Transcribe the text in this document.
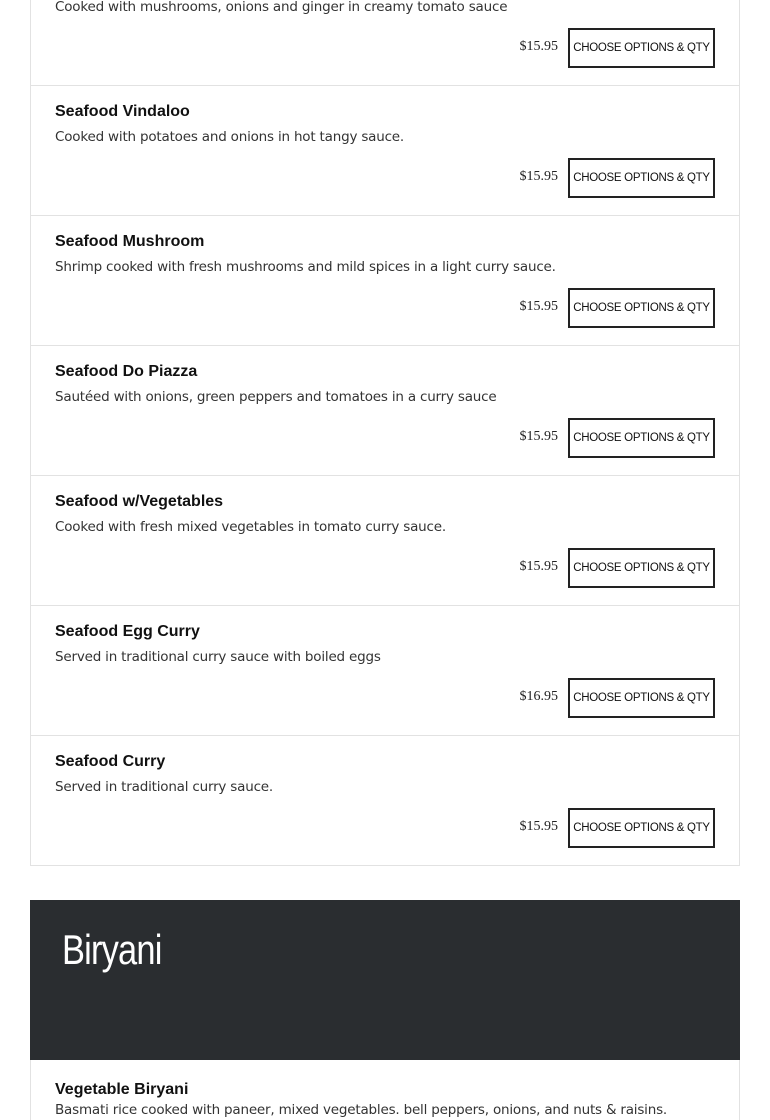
Cooked with mushrooms, onions and ginger in creamy tomato sauce
$15.95	CHOOSE OPTIONS & QTY
Seafood Vindaloo
Cooked with potatoes and onions in hot tangy sauce.
$15.95	CHOOSE OPTIONS & QTY
Seafood Mushroom
Shrimp cooked with fresh mushrooms and mild spices in a light curry sauce.
$15.95	CHOOSE OPTIONS & QTY
Seafood Do Piazza
Sautéed with onions, green peppers and tomatoes in a curry sauce
$15.95	CHOOSE OPTIONS & QTY
Seafood w/Vegetables
Cooked with fresh mixed vegetables in tomato curry sauce.
$15.95	CHOOSE OPTIONS & QTY
Seafood Egg Curry
Served in traditional curry sauce with boiled eggs
$16.95	CHOOSE OPTIONS & QTY
Seafood Curry
Served in traditional curry sauce.
$15.95	CHOOSE OPTIONS & QTY
Biryani
Vegetable Biryani
Basmati rice cooked with paneer, mixed vegetables. bell peppers, onions, and nuts & raisins.
